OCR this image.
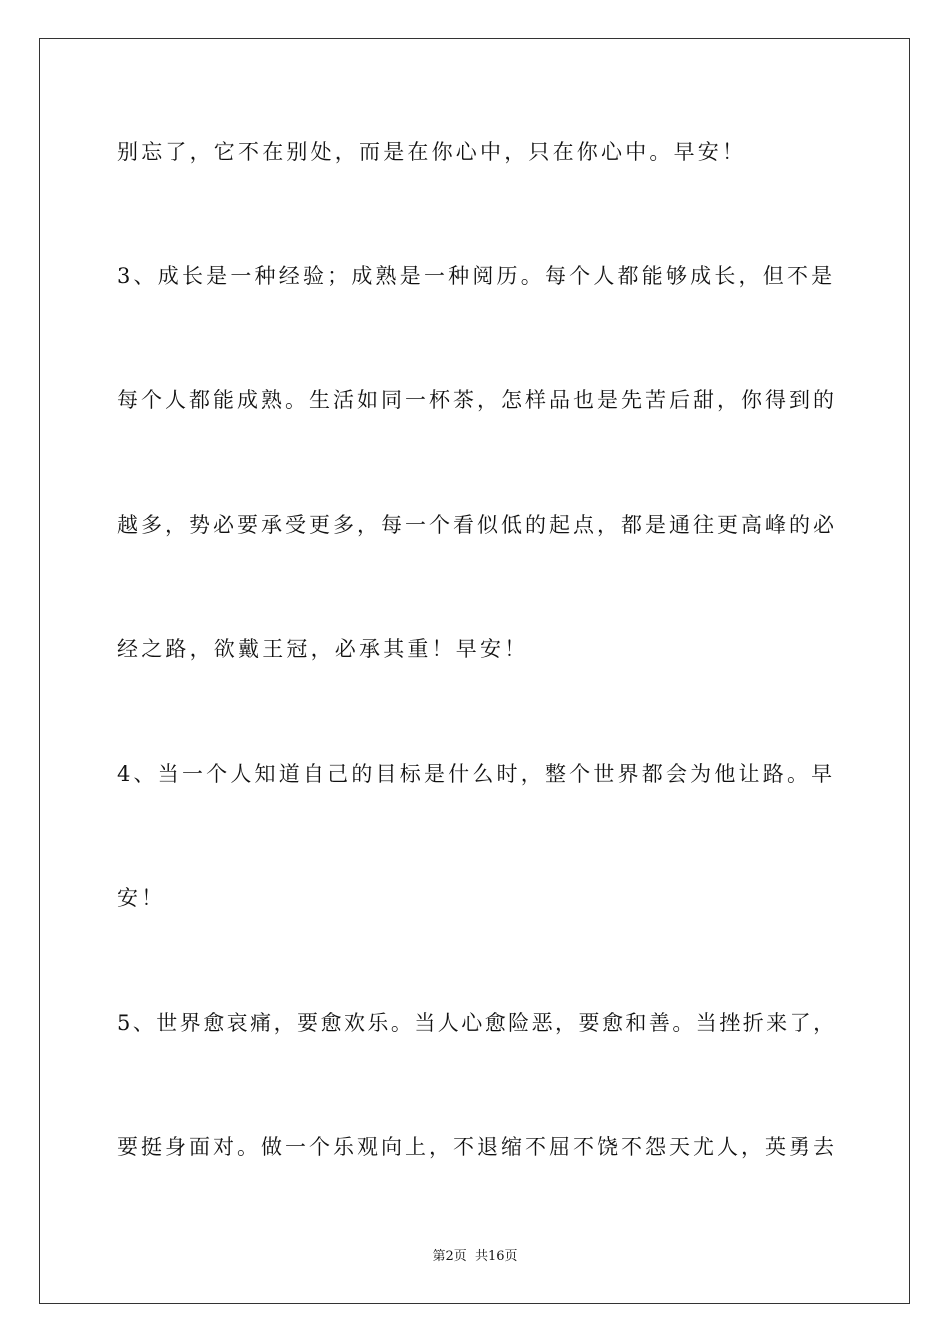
别忘了，它不在别处，而是在你心中，只在你心中。早安！
3、成长是一种经验；成熟是一种阅历。每个人都能够成长，但不是
每个人都能成熟。生活如同一杯茶，怎样品也是先苦后甜，你得到的
越多，势必要承受更多，每一个看似低的起点，都是通往更高峰的必
经之路，欲戴王冠，必承其重！早安！
4、当一个人知道自己的目标是什么时，整个世界都会为他让路。早
安！
5、世界愈哀痛，要愈欢乐。当人心愈险恶，要愈和善。当挫折来了，
要挺身面对。做一个乐观向上，不退缩不屈不饶不怨天尤人，英勇去
第2页 共16页
